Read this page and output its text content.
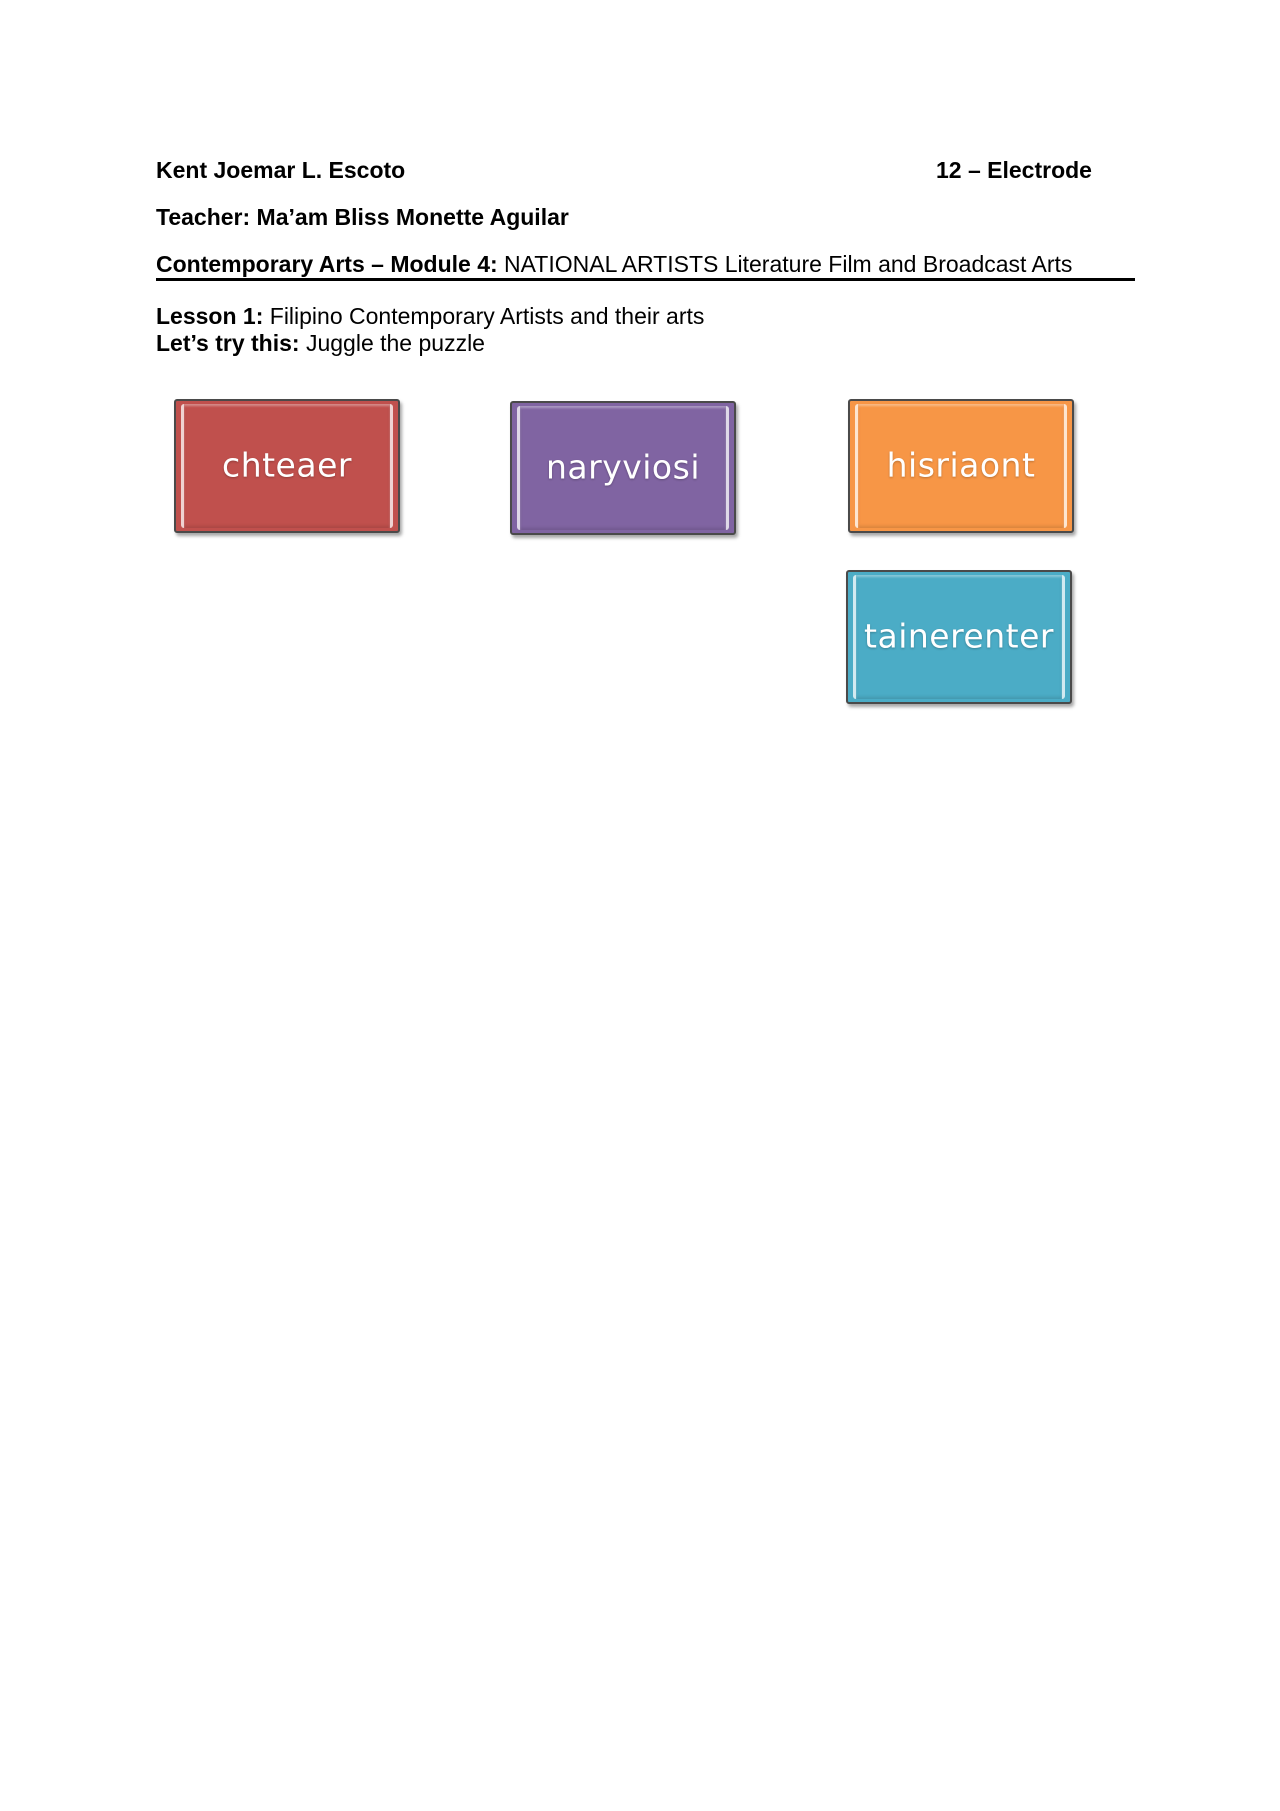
Kent Joemar L. Escoto	12 – Electrode
Teacher: Ma’am Bliss Monette Aguilar
Contemporary Arts – Module 4: NATIONAL ARTISTS Literature Film and Broadcast Arts
Lesson 1: Filipino Contemporary Artists and their arts
Let’s try this: Juggle the puzzle
chteaer	naryviosi	hisriaont
tainerenter
